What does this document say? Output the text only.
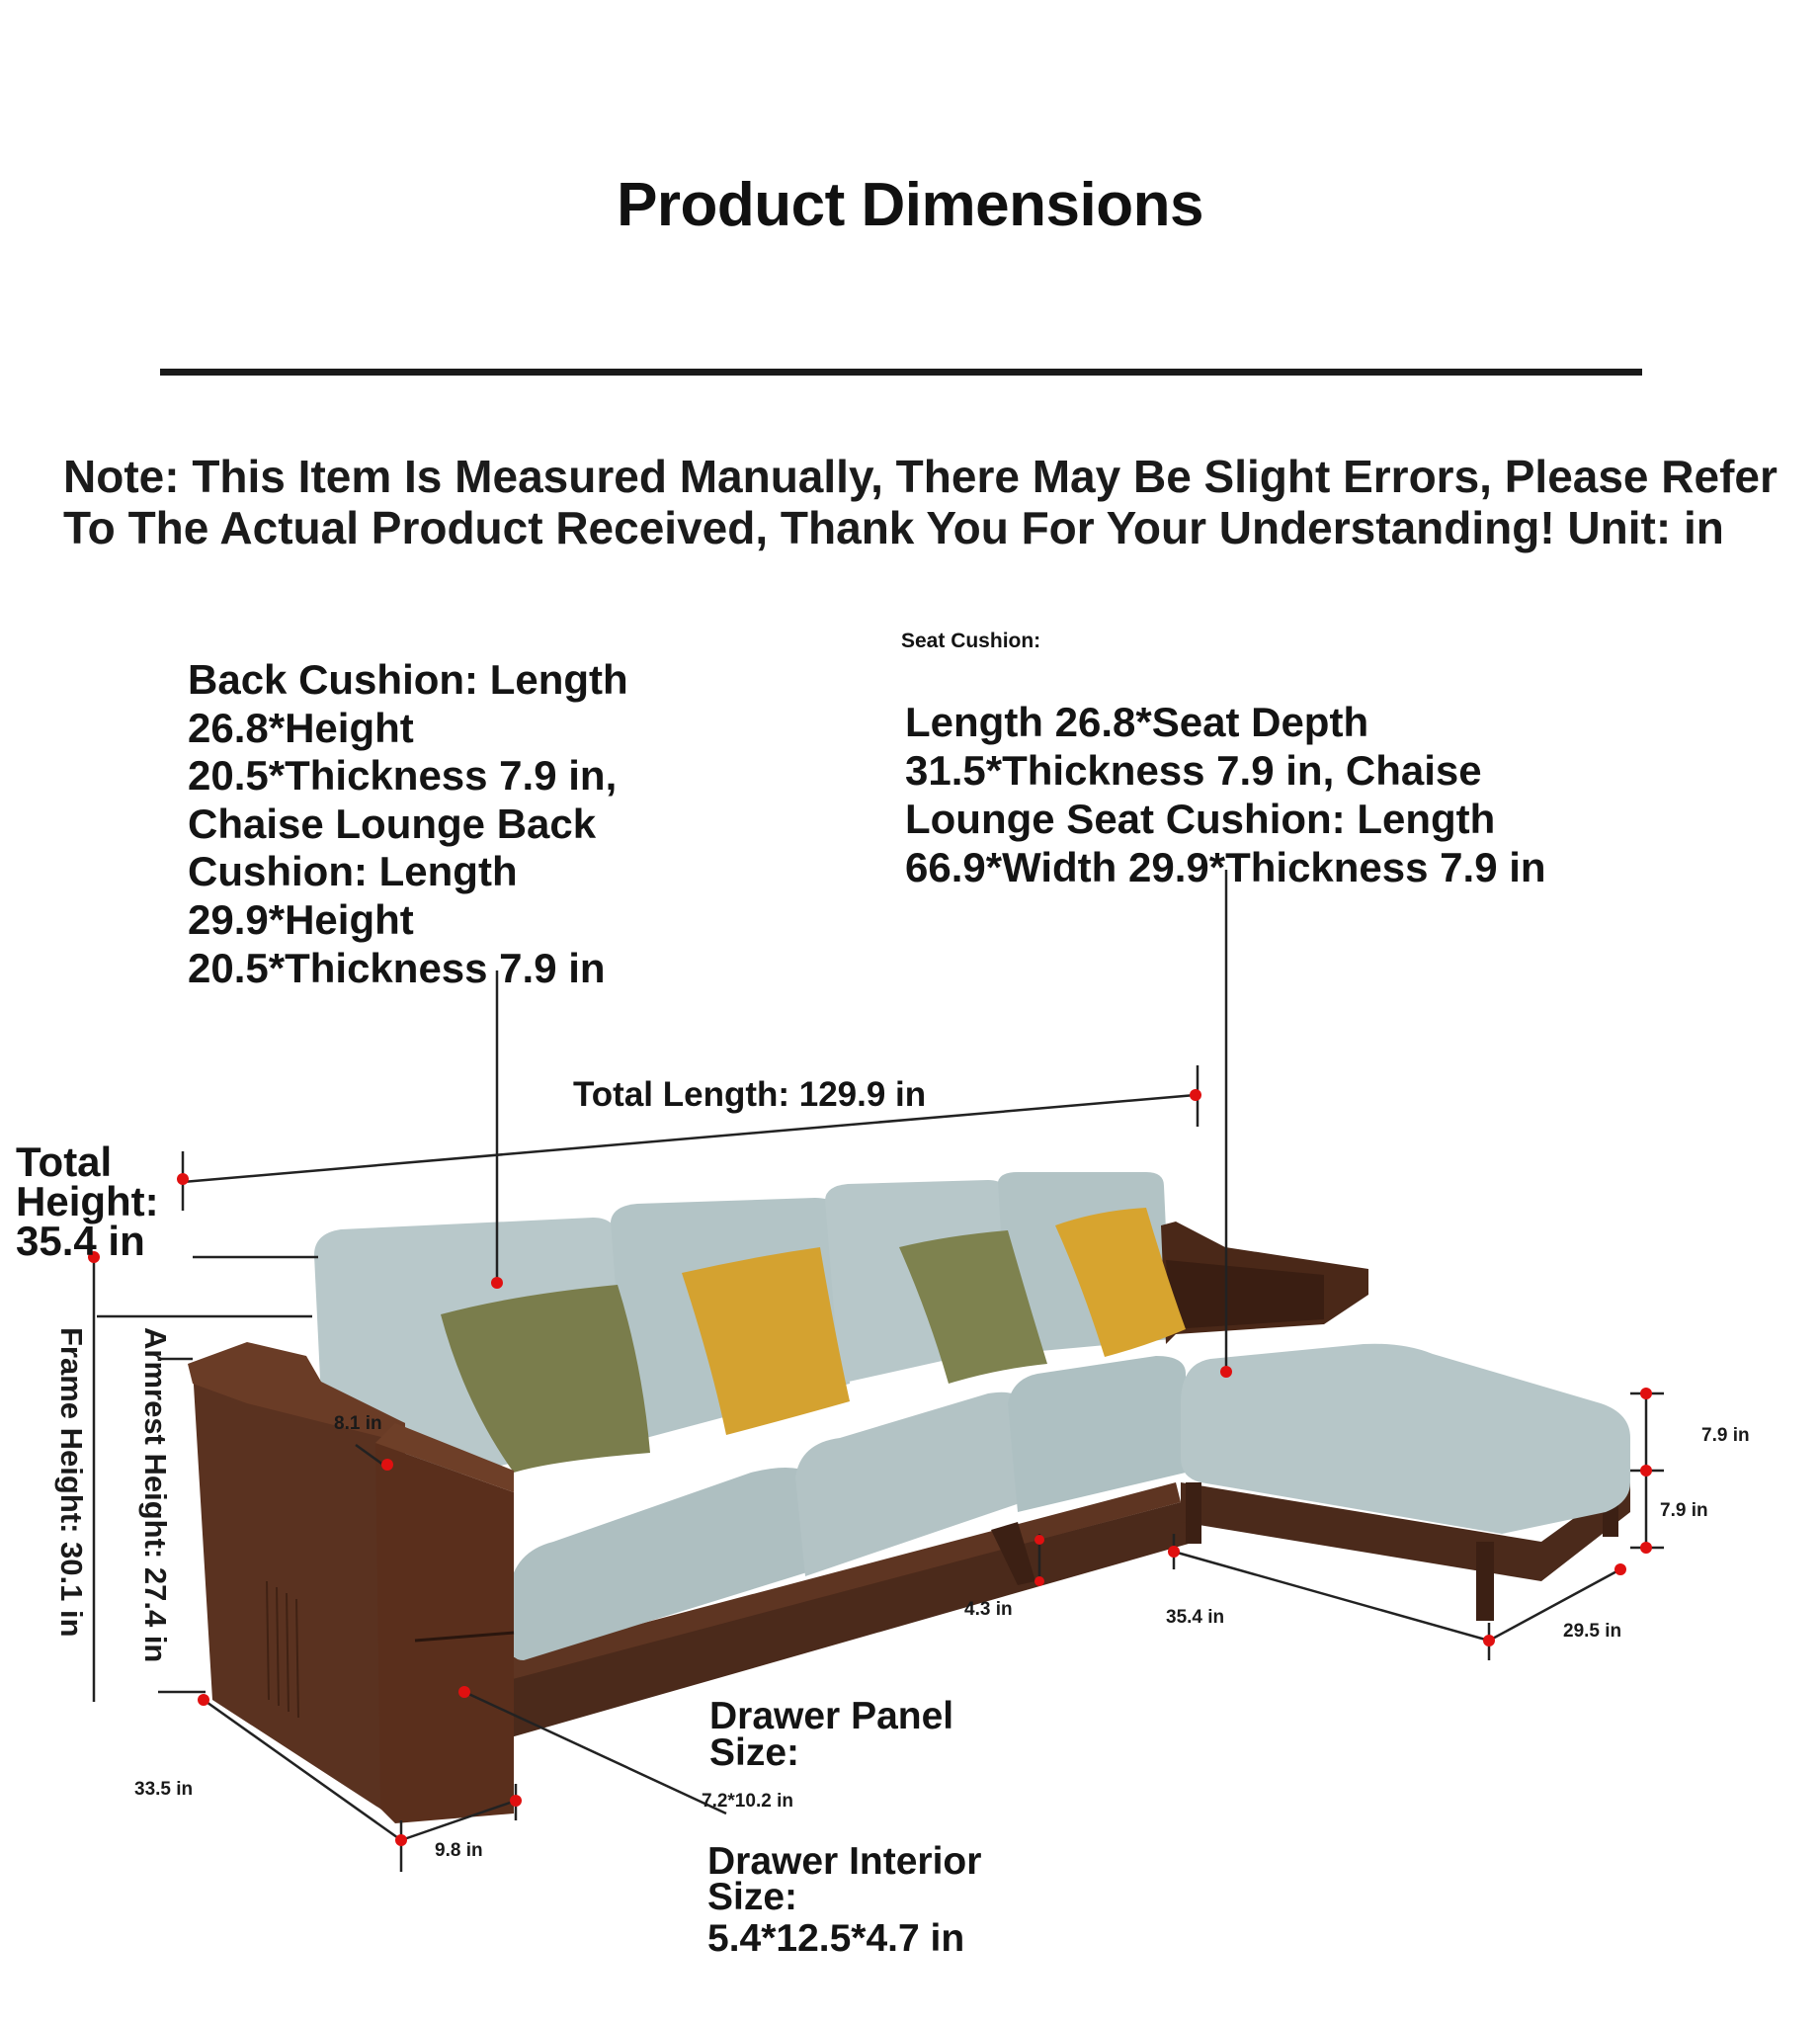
Product Dimensions
Note: This Item Is Measured Manually, There May Be Slight Errors, Please Refer
To The Actual Product Received, Thank You For Your Understanding! Unit: in
Back Cushion: Length
26.8*Height
20.5*Thickness 7.9 in,
Chaise Lounge Back
Cushion: Length
29.9*Height
20.5*Thickness 7.9 in
Seat Cushion:
Length 26.8*Seat Depth
31.5*Thickness 7.9 in, Chaise
Lounge Seat Cushion: Length
66.9*Width 29.9*Thickness 7.9 in
Total Length: 129.9 in
Total
Height:
35.4 in
Frame Height: 30.1 in Armrest Height: 27.4 in	8.1 in
7.9 in
7.9 in
4.3 in	35.4 in
29.5 in
33.5 in
9.8 in
Drawer Panel
Size:
7.2*10.2 in
Drawer Interior
Size:
5.4*12.5*4.7 in
